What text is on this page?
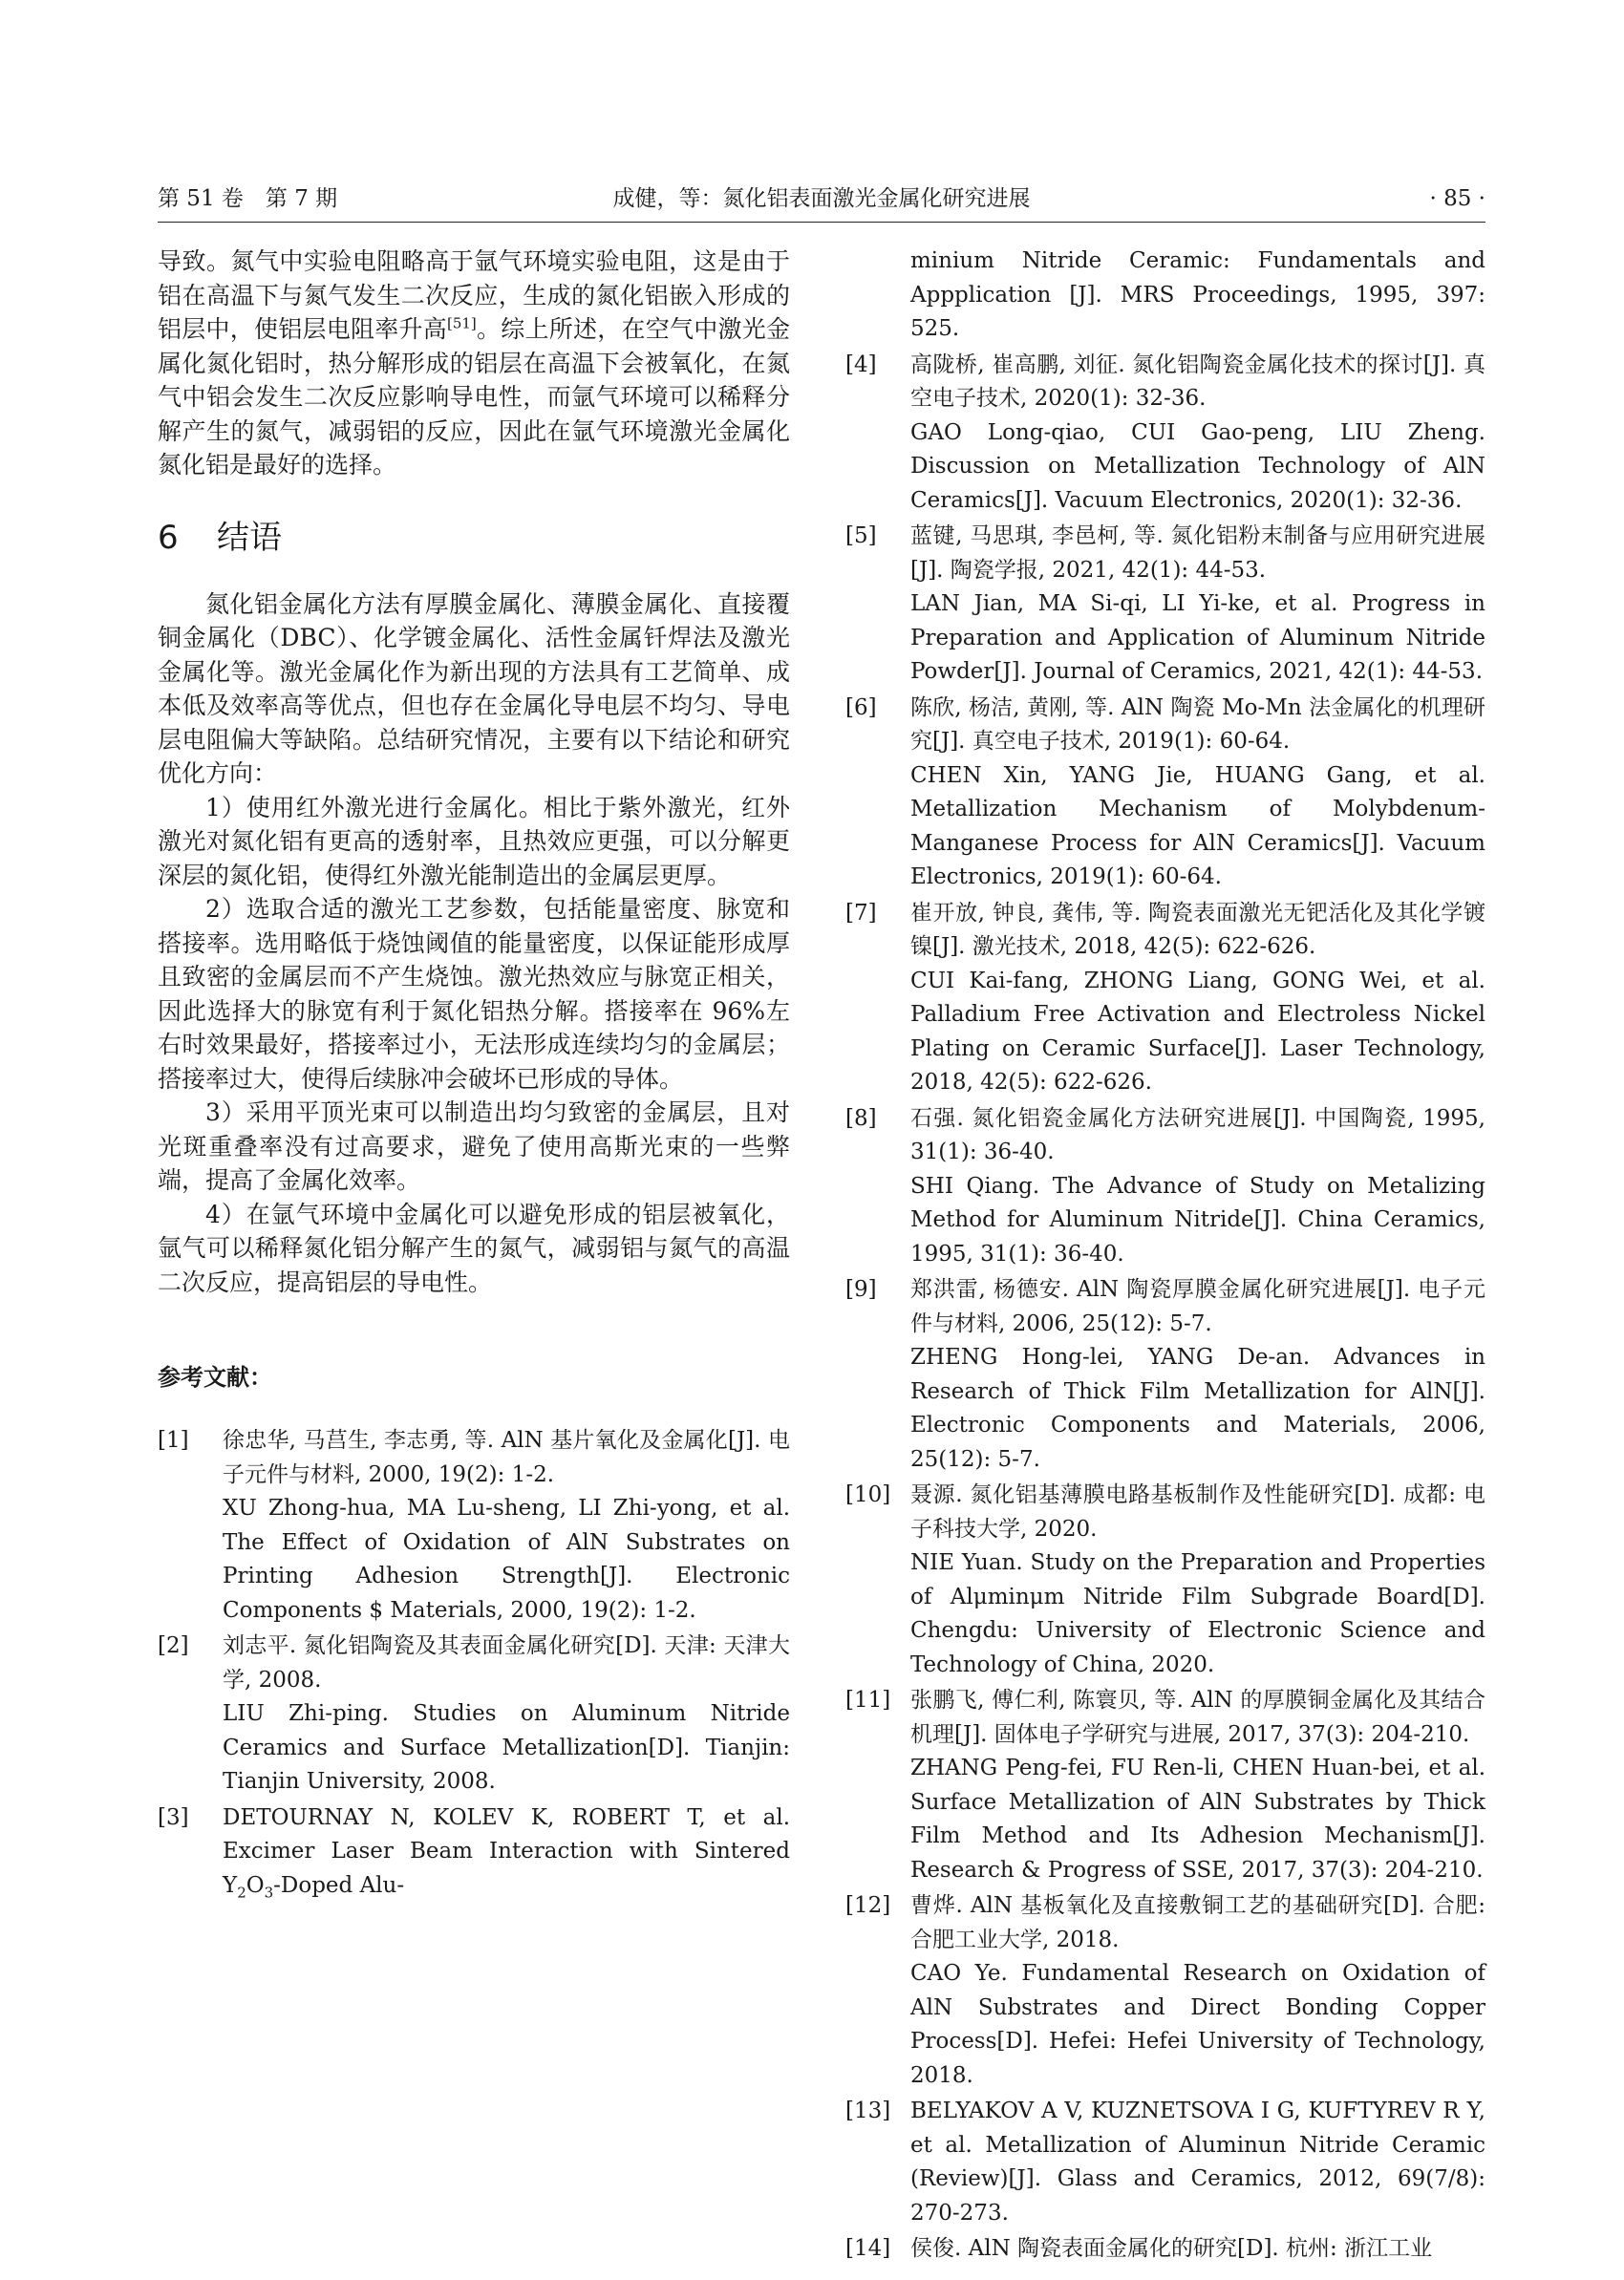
第 51 卷　第 7 期	成健，等：氮化铝表面激光金属化研究进展	· 85 ·

导致。氮气中实验电阻略高于氩气环境实验电阻，这是由于铝在高温下与氮气发生二次反应，生成的氮化铝嵌入形成的铝层中，使铝层电阻率升高[51]。综上所述，在空气中激光金属化氮化铝时，热分解形成的铝层在高温下会被氧化，在氮气中铝会发生二次反应影响导电性，而氩气环境可以稀释分解产生的氮气，减弱铝的反应，因此在氩气环境激光金属化氮化铝是最好的选择。

6 结语

氮化铝金属化方法有厚膜金属化、薄膜金属化、直接覆铜金属化（DBC）、化学镀金属化、活性金属钎焊法及激光金属化等。激光金属化作为新出现的方法具有工艺简单、成本低及效率高等优点，但也存在金属化导电层不均匀、导电层电阻偏大等缺陷。总结研究情况，主要有以下结论和研究优化方向：

1）使用红外激光进行金属化。相比于紫外激光，红外激光对氮化铝有更高的透射率，且热效应更强，可以分解更深层的氮化铝，使得红外激光能制造出的金属层更厚。

2）选取合适的激光工艺参数，包括能量密度、脉宽和搭接率。选用略低于烧蚀阈值的能量密度，以保证能形成厚且致密的金属层而不产生烧蚀。激光热效应与脉宽正相关，因此选择大的脉宽有利于氮化铝热分解。搭接率在 96%左右时效果最好，搭接率过小，无法形成连续均匀的金属层；搭接率过大，使得后续脉冲会破坏已形成的导体。

3）采用平顶光束可以制造出均匀致密的金属层，且对光斑重叠率没有过高要求，避免了使用高斯光束的一些弊端，提高了金属化效率。

4）在氩气环境中金属化可以避免形成的铝层被氧化，氩气可以稀释氮化铝分解产生的氮气，减弱铝与氮气的高温二次反应，提高铝层的导电性。

参考文献：
[1] 徐忠华, 马莒生, 李志勇, 等. AlN 基片氧化及金属化[J]. 电子元件与材料, 2000, 19(2): 1-2.
XU Zhong-hua, MA Lu-sheng, LI Zhi-yong, et al. The Effect of Oxidation of AlN Substrates on Printing Adhesion Strength[J]. Electronic Components $ Materials, 2000, 19(2): 1-2.
[2] 刘志平. 氮化铝陶瓷及其表面金属化研究[D]. 天津: 天津大学, 2008.
LIU Zhi-ping. Studies on Aluminum Nitride Ceramics and Surface Metallization[D]. Tianjin: Tianjin University, 2008.
[3] DETOURNAY N, KOLEV K, ROBERT T, et al. Excimer Laser Beam Interaction with Sintered $Y_2O_3$-Doped Alu-
minium Nitride Ceramic: Fundamentals and Appplication [J]. MRS Proceedings, 1995, 397: 525.
[4] 高陇桥, 崔高鹏, 刘征. 氮化铝陶瓷金属化技术的探讨[J]. 真空电子技术, 2020(1): 32-36.
GAO Long-qiao, CUI Gao-peng, LIU Zheng. Discussion on Metallization Technology of AlN Ceramics[J]. Vacuum Electronics, 2020(1): 32-36.
[5] 蓝键, 马思琪, 李邑柯, 等. 氮化铝粉末制备与应用研究进展[J]. 陶瓷学报, 2021, 42(1): 44-53.
LAN Jian, MA Si-qi, LI Yi-ke, et al. Progress in Preparation and Application of Aluminum Nitride Powder[J]. Journal of Ceramics, 2021, 42(1): 44-53.
[6] 陈欣, 杨洁, 黄刚, 等. AlN 陶瓷 Mo-Mn 法金属化的机理研究[J]. 真空电子技术, 2019(1): 60-64.
CHEN Xin, YANG Jie, HUANG Gang, et al. Metallization Mechanism of Molybdenum-Manganese Process for AlN Ceramics[J]. Vacuum Electronics, 2019(1): 60-64.
[7] 崔开放, 钟良, 龚伟, 等. 陶瓷表面激光无钯活化及其化学镀镍[J]. 激光技术, 2018, 42(5): 622-626.
CUI Kai-fang, ZHONG Liang, GONG Wei, et al. Palladium Free Activation and Electroless Nickel Plating on Ceramic Surface[J]. Laser Technology, 2018, 42(5): 622-626.
[8] 石强. 氮化铝瓷金属化方法研究进展[J]. 中国陶瓷, 1995, 31(1): 36-40.
SHI Qiang. The Advance of Study on Metalizing Method for Aluminum Nitride[J]. China Ceramics, 1995, 31(1): 36-40.
[9] 郑洪雷, 杨德安. AlN 陶瓷厚膜金属化研究进展[J]. 电子元件与材料, 2006, 25(12): 5-7.
ZHENG Hong-lei, YANG De-an. Advances in Research of Thick Film Metallization for AlN[J]. Electronic Components and Materials, 2006, 25(12): 5-7.
[10] 聂源. 氮化铝基薄膜电路基板制作及性能研究[D]. 成都: 电子科技大学, 2020.
NIE Yuan. Study on the Preparation and Properties of Alμminμm Nitride Film Subgrade Board[D]. Chengdu: University of Electronic Science and Technology of China, 2020.
[11] 张鹏飞, 傅仁利, 陈寰贝, 等. AlN 的厚膜铜金属化及其结合机理[J]. 固体电子学研究与进展, 2017, 37(3): 204-210.
ZHANG Peng-fei, FU Ren-li, CHEN Huan-bei, et al. Surface Metallization of AlN Substrates by Thick Film Method and Its Adhesion Mechanism[J]. Research & Progress of SSE, 2017, 37(3): 204-210.
[12] 曹烨. AlN 基板氧化及直接敷铜工艺的基础研究[D]. 合肥: 合肥工业大学, 2018.
CAO Ye. Fundamental Research on Oxidation of AlN Substrates and Direct Bonding Copper Process[D]. Hefei: Hefei University of Technology, 2018.
[13] BELYAKOV A V, KUZNETSOVA I G, KUFTYREV R Y, et al. Metallization of Aluminun Nitride Ceramic (Review)[J]. Glass and Ceramics, 2012, 69(7/8): 270-273.
[14] 侯俊. AlN 陶瓷表面金属化的研究[D]. 杭州: 浙江工业
